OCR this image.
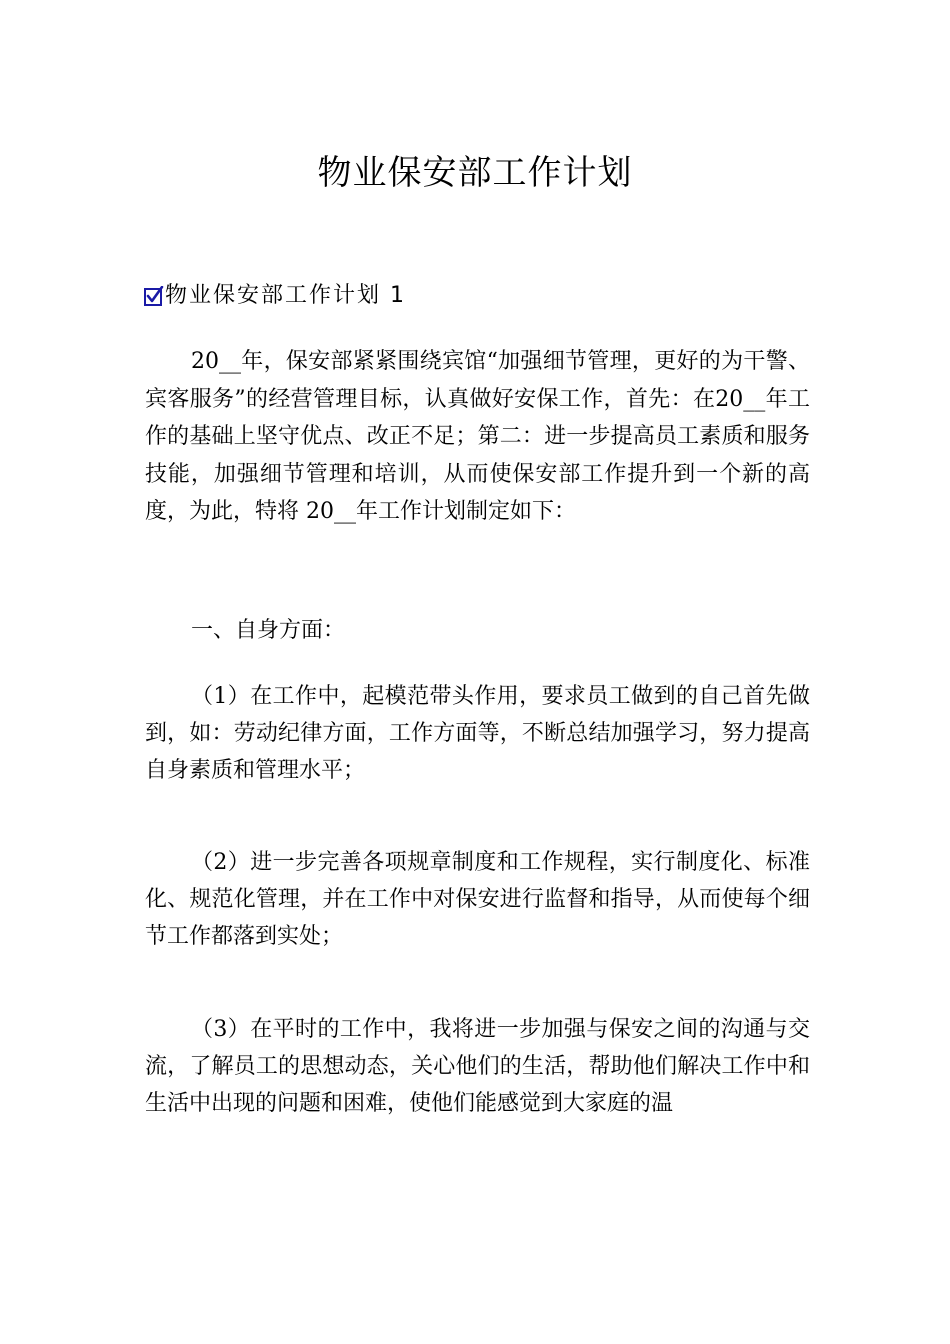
物业保安部工作计划
物业保安部工作计划 1
20__年，保安部紧紧围绕宾馆“加强细节管理，更好的为干警、宾客服务”的经营管理目标，认真做好安保工作，首先：在20__年工作的基础上坚守优点、改正不足；第二：进一步提高员工素质和服务技能，加强细节管理和培训，从而使保安部工作提升到一个新的高度，为此，特将 20__年工作计划制定如下：
一、自身方面：
（1）在工作中，起模范带头作用，要求员工做到的自己首先做到，如：劳动纪律方面，工作方面等，不断总结加强学习，努力提高自身素质和管理水平；
（2）进一步完善各项规章制度和工作规程，实行制度化、标准化、规范化管理，并在工作中对保安进行监督和指导，从而使每个细节工作都落到实处；
（3）在平时的工作中，我将进一步加强与保安之间的沟通与交流，了解员工的思想动态，关心他们的生活，帮助他们解决工作中和生活中出现的问题和困难，使他们能感觉到大家庭的温
